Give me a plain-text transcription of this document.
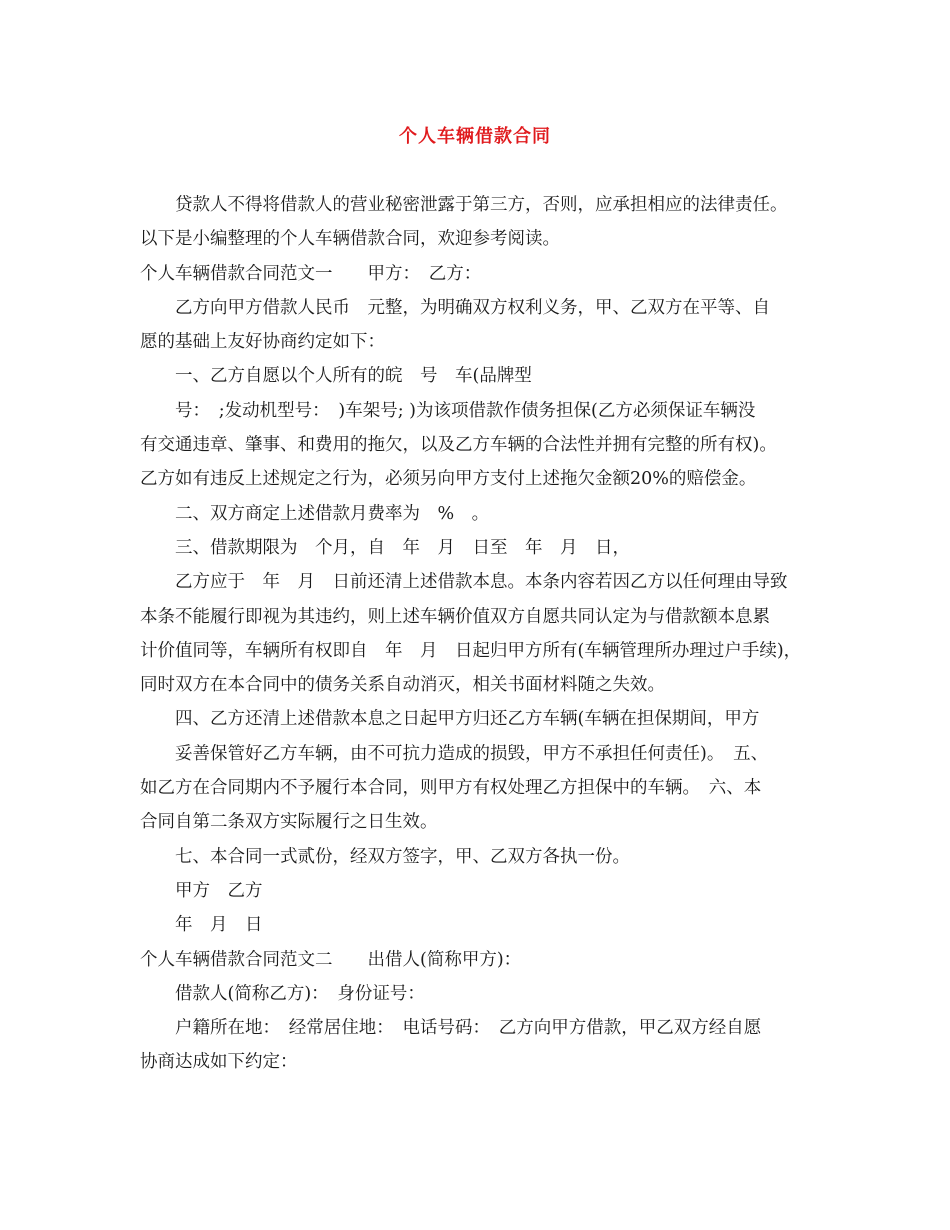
个人车辆借款合同
贷款人不得将借款人的营业秘密泄露于第三方，否则，应承担相应的法律责任。
以下是小编整理的个人车辆借款合同，欢迎参考阅读。
个人车辆借款合同范文一　　甲方：　乙方：
乙方向甲方借款人民币　元整，为明确双方权利义务，甲、乙双方在平等、自
愿的基础上友好协商约定如下：
一、乙方自愿以个人所有的皖　号　车(品牌型
号：　;发动机型号：　)车架号; )为该项借款作债务担保(乙方必须保证车辆没
有交通违章、肇事、和费用的拖欠，以及乙方车辆的合法性并拥有完整的所有权)。
乙方如有违反上述规定之行为，必须另向甲方支付上述拖欠金额20%的赔偿金。
二、双方商定上述借款月费率为　%　。
三、借款期限为　个月，自　年　月　日至　年　月　日，
乙方应于　年　月　日前还清上述借款本息。本条内容若因乙方以任何理由导致
本条不能履行即视为其违约，则上述车辆价值双方自愿共同认定为与借款额本息累
计价值同等，车辆所有权即自　年　月　日起归甲方所有(车辆管理所办理过户手续)，
同时双方在本合同中的债务关系自动消灭，相关书面材料随之失效。
四、乙方还清上述借款本息之日起甲方归还乙方车辆(车辆在担保期间，甲方
妥善保管好乙方车辆，由不可抗力造成的损毁，甲方不承担任何责任)。　五、
如乙方在合同期内不予履行本合同，则甲方有权处理乙方担保中的车辆。　六、本
合同自第二条双方实际履行之日生效。
七、本合同一式贰份，经双方签字，甲、乙双方各执一份。
甲方　乙方
年　月　日
个人车辆借款合同范文二　　出借人(简称甲方)：
借款人(简称乙方)：　身份证号：
户籍所在地：　经常居住地：　电话号码：　乙方向甲方借款，甲乙双方经自愿
协商达成如下约定：
